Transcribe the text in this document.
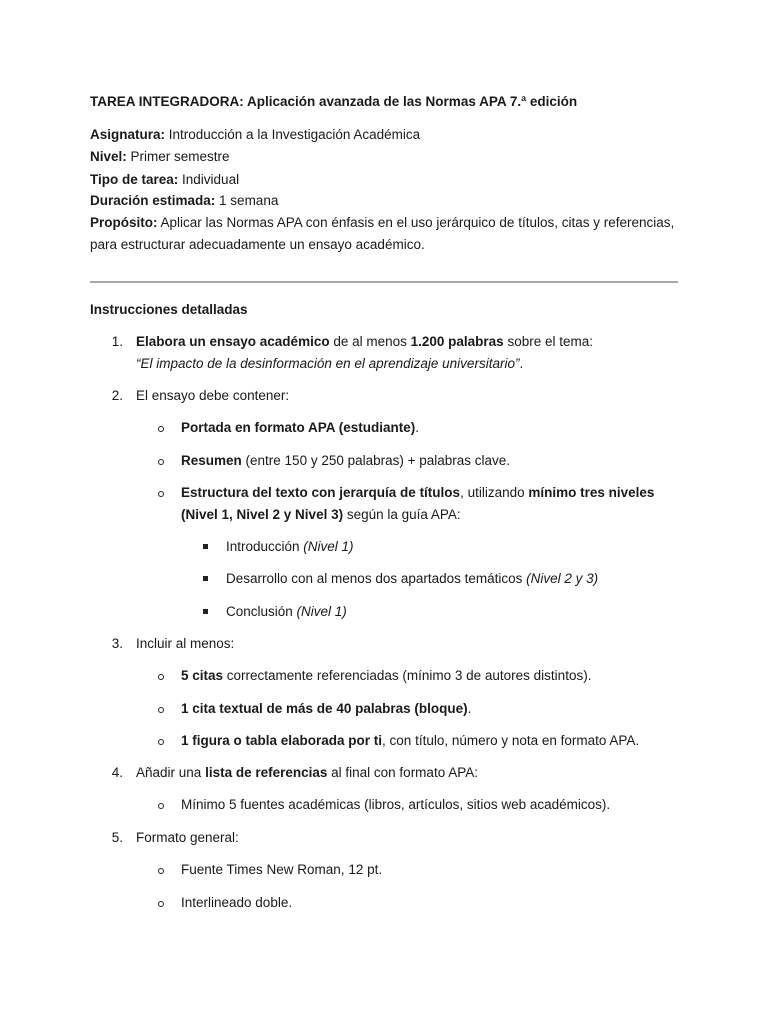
TAREA INTEGRADORA: Aplicación avanzada de las Normas APA 7.ª edición
Asignatura: Introducción a la Investigación Académica
Nivel: Primer semestre
Tipo de tarea: Individual
Duración estimada: 1 semana
Propósito: Aplicar las Normas APA con énfasis en el uso jerárquico de títulos, citas y referencias,
para estructurar adecuadamente un ensayo académico.
Instrucciones detalladas
1. Elabora un ensayo académico de al menos 1.200 palabras sobre el tema:
“El impacto de la desinformación en el aprendizaje universitario”.
2. El ensayo debe contener:
Portada en formato APA (estudiante).
Resumen (entre 150 y 250 palabras) + palabras clave.
Estructura del texto con jerarquía de títulos, utilizando mínimo tres niveles
(Nivel 1, Nivel 2 y Nivel 3) según la guía APA:
Introducción (Nivel 1)
Desarrollo con al menos dos apartados temáticos (Nivel 2 y 3)
Conclusión (Nivel 1)
3. Incluir al menos:
5 citas correctamente referenciadas (mínimo 3 de autores distintos).
1 cita textual de más de 40 palabras (bloque).
1 figura o tabla elaborada por ti, con título, número y nota en formato APA.
4. Añadir una lista de referencias al final con formato APA:
Mínimo 5 fuentes académicas (libros, artículos, sitios web académicos).
5. Formato general:
Fuente Times New Roman, 12 pt.
Interlineado doble.
